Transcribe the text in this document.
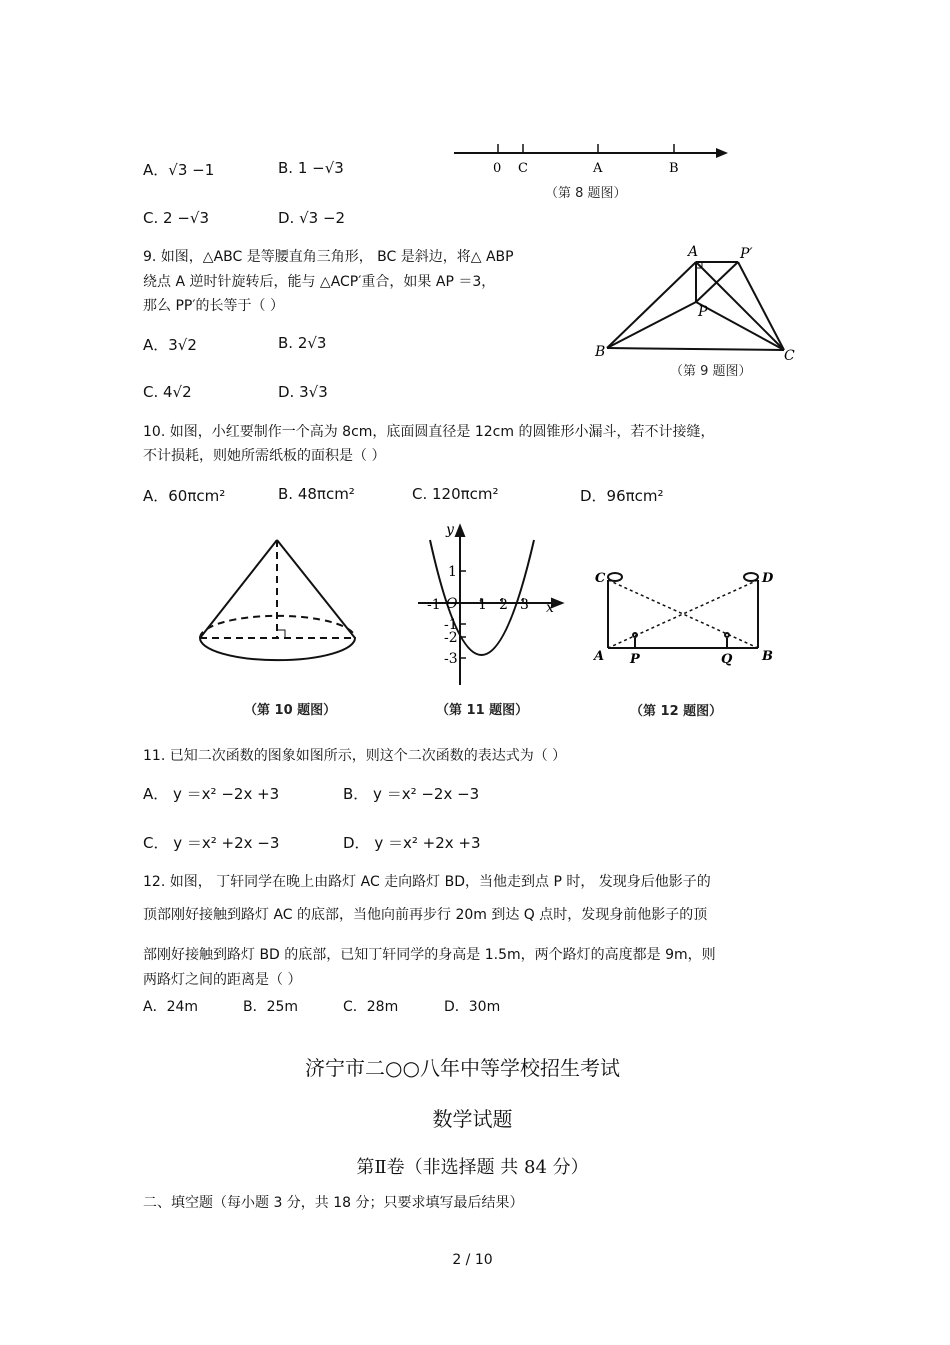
A．√3 −1	B. 1 −√3
C. 2 −√3	D. √3 −2
0 C	A	B
（第 8 题图）
9. 如图，△ABC 是等腰直角三角形， BC 是斜边，将△ ABP
绕点 A 逆时针旋转后，能与 △ACP′重合，如果 AP ＝3，
那么 PP′的长等于（ ）
A．3√2	B. 2√3
C. 4√2	D. 3√3
A	P′
P
B	C
（第 9 题图）
10. 如图，小红要制作一个高为 8cm，底面圆直径是 12cm 的圆锥形小漏斗，若不计接缝，
不计损耗，则她所需纸板的面积是（ ）
A．60πcm²	B. 48πcm²	C. 120πcm²	D．96πcm²
（第 10 题图）
y
x
O
1
-1	1 2 3
-1
-2
-3
（第 11 题图）
C	D
A P	Q B
（第 12 题图）
11. 已知二次函数的图象如图所示，则这个二次函数的表达式为（ ）
A． y ＝x² −2x +3	B． y ＝x² −2x −3
C． y ＝x² +2x −3	D． y ＝x² +2x +3
12. 如图， 丁轩同学在晚上由路灯 AC 走向路灯 BD，当他走到点 P 时， 发现身后他影子的
顶部刚好接触到路灯 AC 的底部，当他向前再步行 20m 到达 Q 点时，发现身前他影子的顶
部刚好接触到路灯 BD 的底部，已知丁轩同学的身高是 1.5m，两个路灯的高度都是 9m，则
两路灯之间的距离是（ ）
A．24m	B．25m	C．28m	D．30m
济宁市二○○八年中等学校招生考试
数学试题
第Ⅱ卷（非选择题 共 84 分）
二、填空题（每小题 3 分，共 18 分；只要求填写最后结果）
2 / 10
